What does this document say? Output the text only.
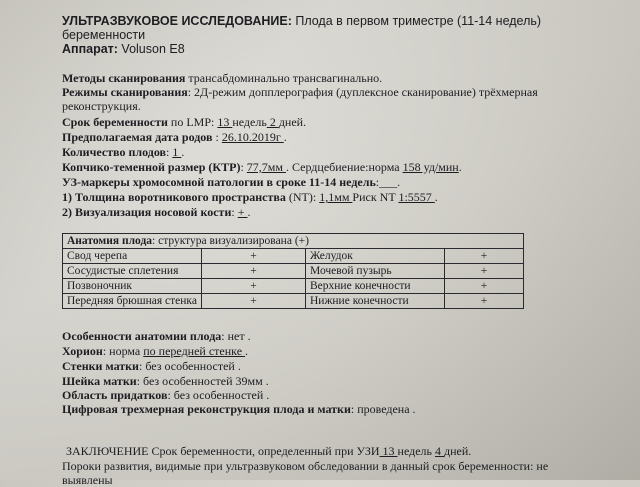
УЛЬТРАЗВУКОВОЕ ИССЛЕДОВАНИЕ: Плода в первом триместре (11-14 недель)
беременности
Аппарат: Voluson E8
Методы сканирования трансабдоминально трансвагинально.
Режимы сканирования: 2Д-режим допплерография (дуплексное сканирование) трёхмерная
реконструкция.
Срок беременности по LMP: 13 недель 2 дней.
Предполагаемая дата родов : 26.10.2019г .
Количество плодов: 1 .
Копчико-теменной размер (КТР): 77,7мм . Сердцебиение:норма 158 уд/мин.
УЗ-маркеры хромосомной патологии в сроке 11-14 недель:___.
1) Толщина воротникового пространства (NT): 1,1мм Риск NT 1:5557 .
2) Визуализация носовой кости: + .
Анатомия плода: структура визуализирована (+)			
Свод черепа	+	Желудок	+
Сосудистые сплетения	+	Мочевой пузырь	+
Позвоночник	+	Верхние конечности	+
Передняя брюшная стенка	+	Нижние конечности	+
Особенности анатомии плода: нет .
Хорион: норма по передней стенке .
Стенки матки: без особенностей .
Шейка матки: без особенностей 39мм .
Область придатков: без особенностей .
Цифровая трехмерная реконструкция плода и матки: проведена .
ЗАКЛЮЧЕНИЕ Срок беременности, определенный при УЗИ 13 недель 4 дней.
Пороки развития, видимые при ультразвуковом обследовании в данный срок беременности: не
выявлены
